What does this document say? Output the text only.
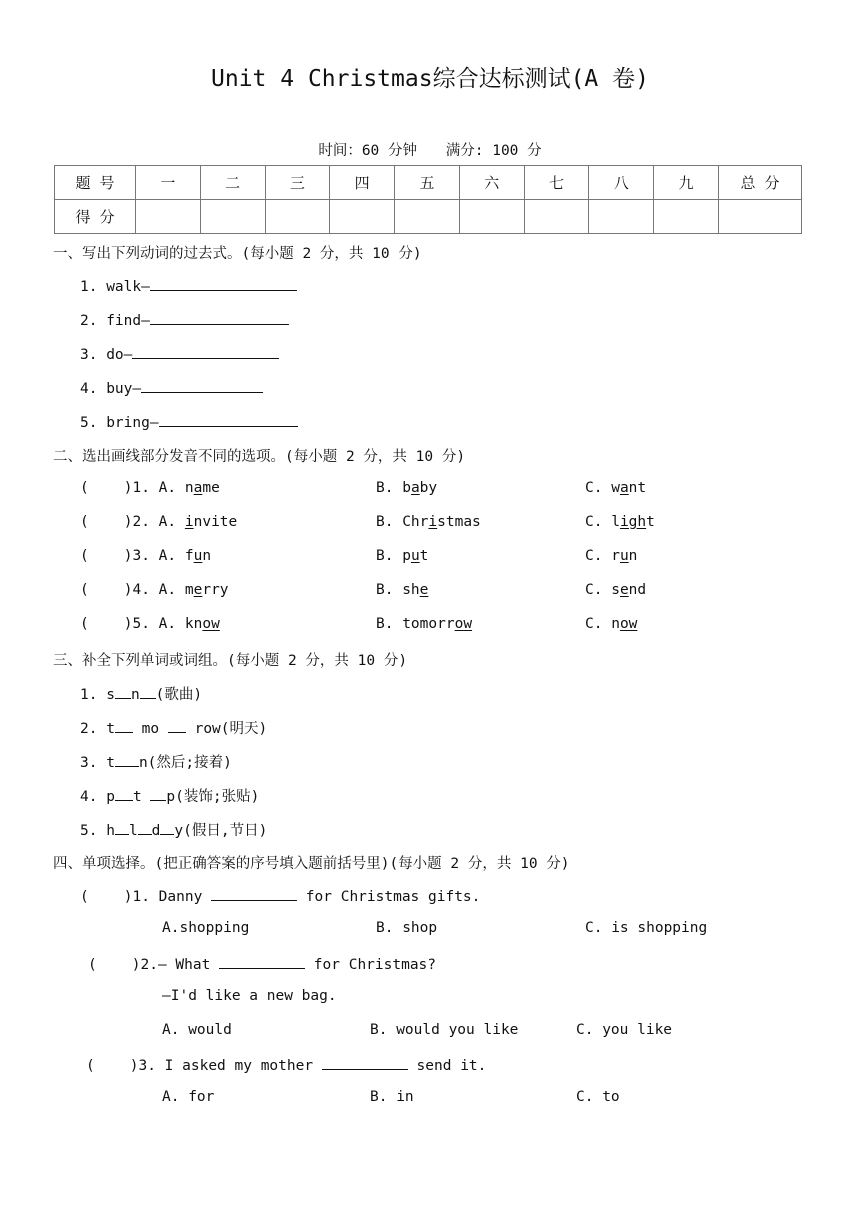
Unit 4 Christmas综合达标测试(A 卷)
时间：60 分钟 满分: 100 分
题 号	一	二	三	四	五	六	七	八	九	总 分
得 分										
一、写出下列动词的过去式。(每小题 2 分，共 10 分)
1. walk—
2. find—
3. do—
4. buy—
5. bring—
二、选出画线部分发音不同的选项。(每小题 2 分，共 10 分)
( )1. A. name	B. baby	C. want
( )2. A. invite	B. Christmas	C. light
( )3. A. fun	B. put	C. run
( )4. A. merry	B. she	C. send
( )5. A. know	B. tomorrow	C. now
三、补全下列单词或词组。(每小题 2 分，共 10 分)
1. s n (歌曲)
2. t mo  row(明天)
3. t n(然后;接着)
4. p t p(装饰;张贴)
5. h l d y(假日,节日)
四、单项选择。(把正确答案的序号填入题前括号里)(每小题 2 分，共 10 分)
( )1. Danny	for Christmas gifts.
A.shopping	B. shop	C. is shopping
( )2.— What	for Christmas?
—I'd like a new bag.
A. would	B. would you like	C. you like
( )3. I asked my mother	send it.
A. for	B. in	C. to
